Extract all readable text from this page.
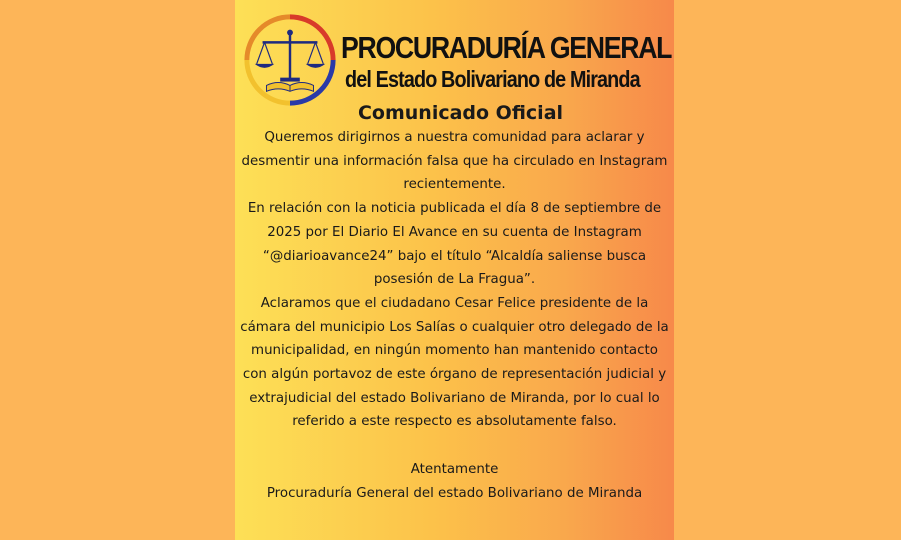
PROCURADURÍA GENERAL
del Estado Bolivariano de Miranda
Comunicado Oficial

Queremos dirigirnos a nuestra comunidad para aclarar y desmentir una información falsa que ha circulado en Instagram recientemente.

En relación con la noticia publicada el día 8 de septiembre de 2025 por El Diario El Avance en su cuenta de Instagram “@diarioavance24” bajo el título “Alcaldía saliense busca posesión de La Fragua”.

Aclaramos que el ciudadano Cesar Felice presidente de la cámara del municipio Los Salías o cualquier otro delegado de la municipalidad, en ningún momento han mantenido contacto con algún portavoz de este órgano de representación judicial y extrajudicial del estado Bolivariano de Miranda, por lo cual lo referido a este respecto es absolutamente falso.

Atentamente

Procuraduría General del estado Bolivariano de Miranda
